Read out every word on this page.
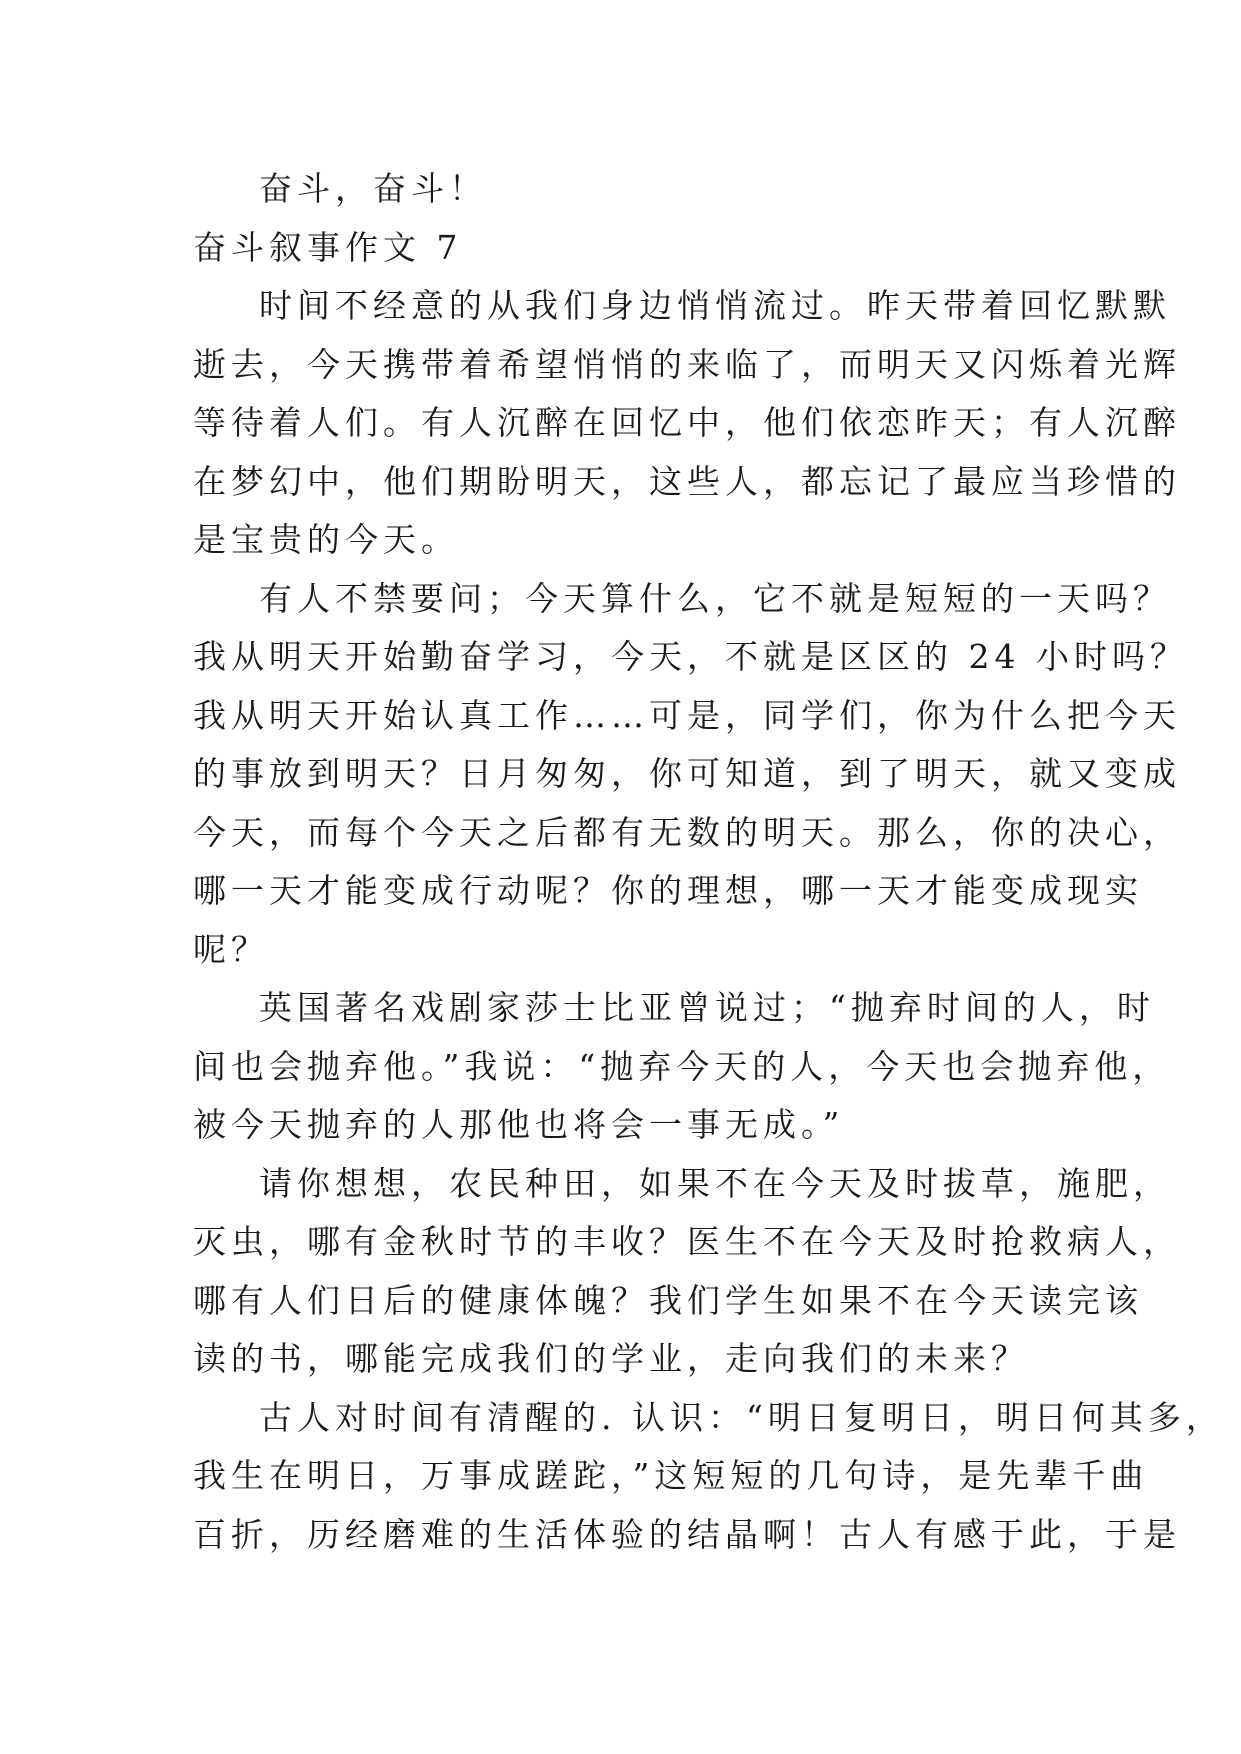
奋斗，奋斗！
奋斗叙事作文 7
时间不经意的从我们身边悄悄流过。昨天带着回忆默默
逝去，今天携带着希望悄悄的来临了，而明天又闪烁着光辉
等待着人们。有人沉醉在回忆中，他们依恋昨天；有人沉醉
在梦幻中，他们期盼明天，这些人，都忘记了最应当珍惜的
是宝贵的今天。
有人不禁要问；今天算什么，它不就是短短的一天吗？
我从明天开始勤奋学习，今天，不就是区区的 24 小时吗？
我从明天开始认真工作……可是，同学们，你为什么把今天
的事放到明天？日月匆匆，你可知道，到了明天，就又变成
今天，而每个今天之后都有无数的明天。那么，你的决心，
哪一天才能变成行动呢？你的理想，哪一天才能变成现实
呢？
英国著名戏剧家莎士比亚曾说过；“抛弃时间的人，时
间也会抛弃他。”我说：“抛弃今天的人，今天也会抛弃他，
被今天抛弃的人那他也将会一事无成。”
请你想想，农民种田，如果不在今天及时拔草，施肥，
灭虫，哪有金秋时节的丰收？医生不在今天及时抢救病人，
哪有人们日后的健康体魄？我们学生如果不在今天读完该
读的书，哪能完成我们的学业，走向我们的未来？
古人对时间有清醒的. 认识：“明日复明日，明日何其多，
我生在明日，万事成蹉跎，”这短短的几句诗，是先辈千曲
百折，历经磨难的生活体验的结晶啊！古人有感于此，于是
